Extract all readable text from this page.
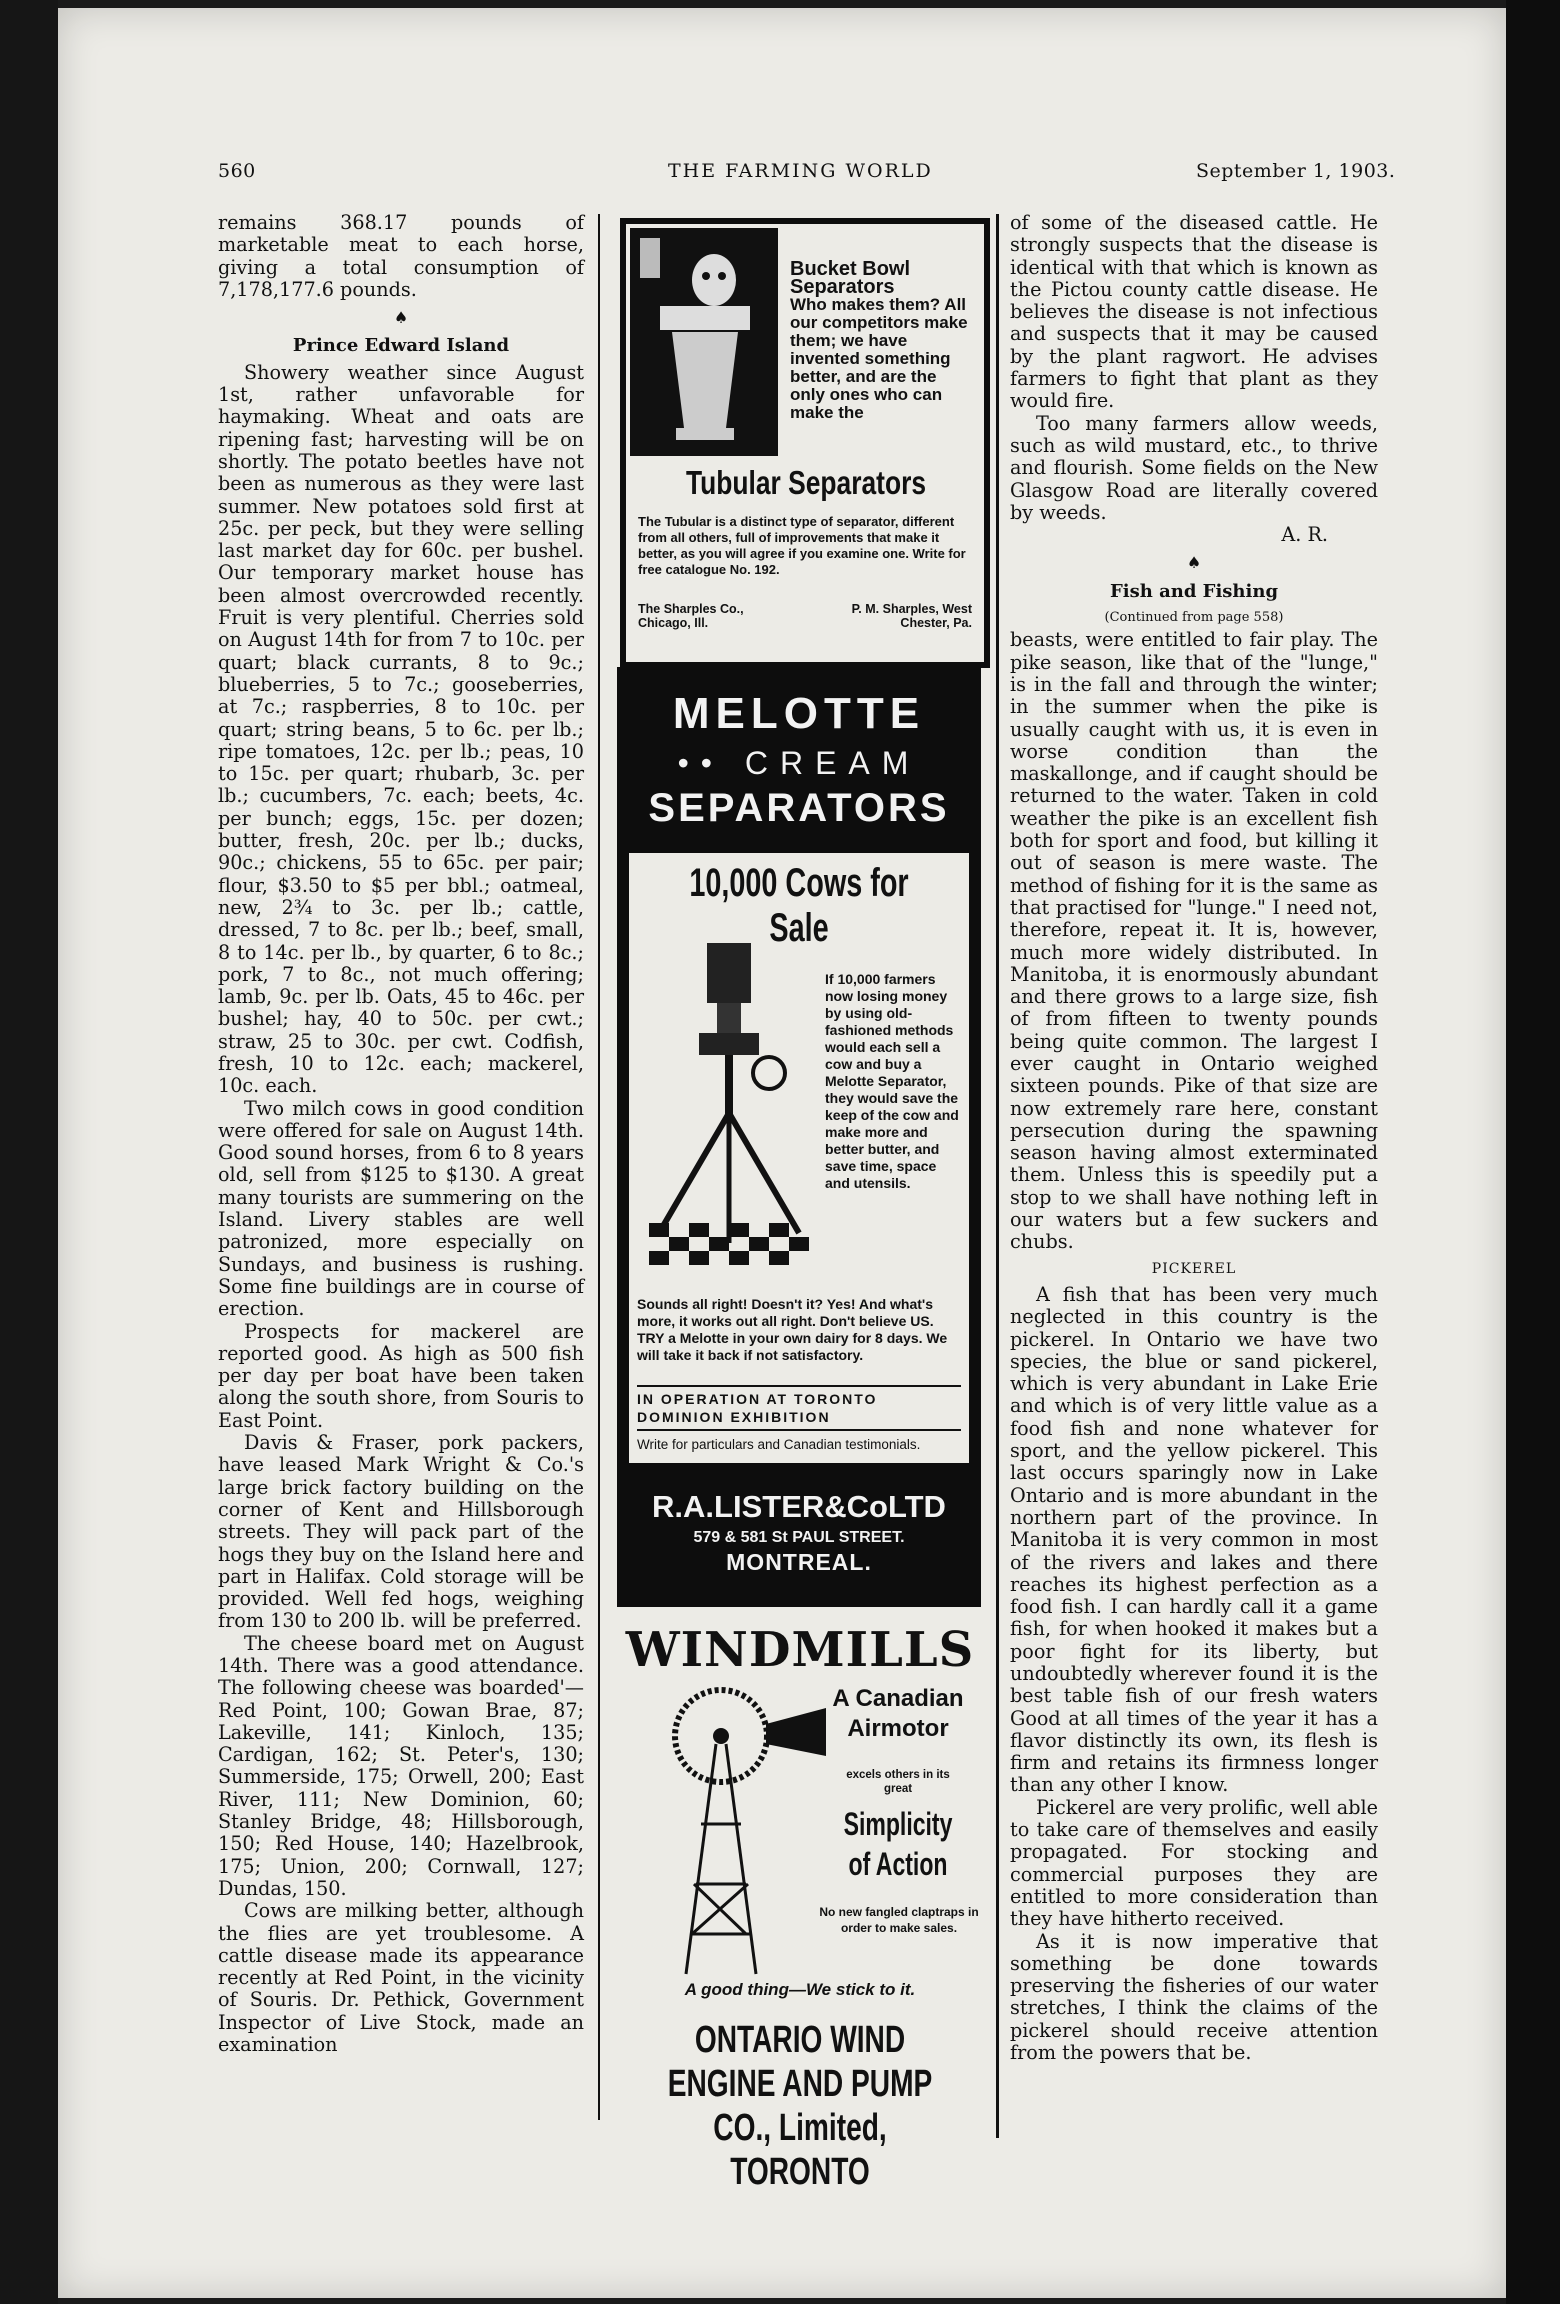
560	THE FARMING WORLD	September 1, 1903.

remains 368.17 pounds of marketable meat to each horse, giving a total consumption of 7,178,177.6 pounds.

♠

Prince Edward Island

Showery weather since August 1st, rather unfavorable for haymaking. Wheat and oats are ripening fast; harvesting will be on shortly. The potato beetles have not been as numerous as they were last summer. New potatoes sold first at 25c. per peck, but they were selling last market day for 60c. per bushel. Our temporary market house has been almost overcrowded recently. Fruit is very plentiful. Cherries sold on August 14th for from 7 to 10c. per quart; black currants, 8 to 9c.; blueberries, 5 to 7c.; gooseberries, at 7c.; raspberries, 8 to 10c. per quart; string beans, 5 to 6c. per lb.; ripe tomatoes, 12c. per lb.; peas, 10 to 15c. per quart; rhubarb, 3c. per lb.; cucumbers, 7c. each; beets, 4c. per bunch; eggs, 15c. per dozen; butter, fresh, 20c. per lb.; ducks, 90c.; chickens, 55 to 65c. per pair; flour, $3.50 to $5 per bbl.; oatmeal, new, 2¾ to 3c. per lb.; cattle, dressed, 7 to 8c. per lb.; beef, small, 8 to 14c. per lb., by quarter, 6 to 8c.; pork, 7 to 8c., not much offering; lamb, 9c. per lb. Oats, 45 to 46c. per bushel; hay, 40 to 50c. per cwt.; straw, 25 to 30c. per cwt. Codfish, fresh, 10 to 12c. each; mackerel, 10c. each.

Two milch cows in good condition were offered for sale on August 14th. Good sound horses, from 6 to 8 years old, sell from $125 to $130. A great many tourists are summering on the Island. Livery stables are well patronized, more especially on Sundays, and business is rushing. Some fine buildings are in course of erection.

Prospects for mackerel are reported good. As high as 500 fish per day per boat have been taken along the south shore, from Souris to East Point.

Davis & Fraser, pork packers, have leased Mark Wright & Co.'s large brick factory building on the corner of Kent and Hillsborough streets. They will pack part of the hogs they buy on the Island here and part in Halifax. Cold storage will be provided. Well fed hogs, weighing from 130 to 200 lb. will be preferred.

The cheese board met on August 14th. There was a good attendance. The following cheese was boarded'—Red Point, 100; Gowan Brae, 87; Lakeville, 141; Kinloch, 135; Cardigan, 162; St. Peter's, 130; Summerside, 175; Orwell, 200; East River, 111; New Dominion, 60; Stanley Bridge, 48; Hillsborough, 150; Red House, 140; Hazelbrook, 175; Union, 200; Cornwall, 127; Dundas, 150.

Cows are milking better, although the flies are yet troublesome. A cattle disease made its appearance recently at Red Point, in the vicinity of Souris. Dr. Pethick, Government Inspector of Live Stock, made an examination

Bucket Bowl Separators
Who makes them? All our competitors make them; we have invented something better, and are the only ones who can make the
Tubular Separators
The Tubular is a distinct type of separator, different from all others, full of improvements that make it better, as you will agree if you examine one. Write for free catalogue No. 192.
The Sharples Co., Chicago, Ill.
P. M. Sharples, West Chester, Pa.
MELOTTE
•• CREAM
SEPARATORS
10,000 Cows for Sale
If 10,000 farmers now losing money by using old-fashioned methods would each sell a cow and buy a Melotte Separator, they would save the keep of the cow and make more and better butter, and save time, space and utensils.
Sounds all right! Doesn't it? Yes! And what's more, it works out all right. Don't believe US. TRY a Melotte in your own dairy for 8 days. We will take it back if not satisfactory.
IN OPERATION AT TORONTO DOMINION EXHIBITION
Write for particulars and Canadian testimonials.
R.A.LISTER&CoLTD
579 & 581 St PAUL STREET.
MONTREAL.
WINDMILLS
A Canadian Airmotor
excels others in its great
Simplicity of Action
No new fangled claptraps in order to make sales.
A good thing—We stick to it.
ONTARIO WIND ENGINE AND PUMP CO., Limited, TORONTO

of some of the diseased cattle. He strongly suspects that the disease is identical with that which is known as the Pictou county cattle disease. He believes the disease is not infectious and suspects that it may be caused by the plant ragwort. He advises farmers to fight that plant as they would fire.

Too many farmers allow weeds, such as wild mustard, etc., to thrive and flourish. Some fields on the New Glasgow Road are literally covered by weeds.

A. R.

♠

Fish and Fishing

(Continued from page 558)

beasts, were entitled to fair play. The pike season, like that of the "lunge," is in the fall and through the winter; in the summer when the pike is usually caught with us, it is even in worse condition than the maskallonge, and if caught should be returned to the water. Taken in cold weather the pike is an excellent fish both for sport and food, but killing it out of season is mere waste. The method of fishing for it is the same as that practised for "lunge." I need not, therefore, repeat it. It is, however, much more widely distributed. In Manitoba, it is enormously abundant and there grows to a large size, fish of from fifteen to twenty pounds being quite common. The largest I ever caught in Ontario weighed sixteen pounds. Pike of that size are now extremely rare here, constant persecution during the spawning season having almost exterminated them. Unless this is speedily put a stop to we shall have nothing left in our waters but a few suckers and chubs.

PICKEREL

A fish that has been very much neglected in this country is the pickerel. In Ontario we have two species, the blue or sand pickerel, which is very abundant in Lake Erie and which is of very little value as a food fish and none whatever for sport, and the yellow pickerel. This last occurs sparingly now in Lake Ontario and is more abundant in the northern part of the province. In Manitoba it is very common in most of the rivers and lakes and there reaches its highest perfection as a food fish. I can hardly call it a game fish, for when hooked it makes but a poor fight for its liberty, but undoubtedly wherever found it is the best table fish of our fresh waters Good at all times of the year it has a flavor distinctly its own, its flesh is firm and retains its firmness longer than any other I know.

Pickerel are very prolific, well able to take care of themselves and easily propagated. For stocking and commercial purposes they are entitled to more consideration than they have hitherto received.

As it is now imperative that something be done towards preserving the fisheries of our water stretches, I think the claims of the pickerel should receive attention from the powers that be.
